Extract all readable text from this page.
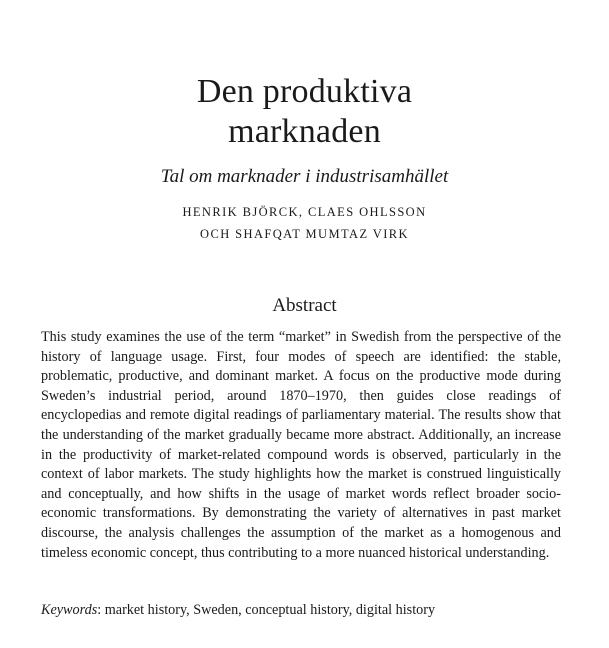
Den produktiva
marknaden

Tal om marknader i industrisamhället

HENRIK BJÖRCK, CLAES OHLSSON
OCH SHAFQAT MUMTAZ VIRK

Abstract

This study examines the use of the term “market” in Swedish from the perspective of the history of language usage. First, four modes of speech are identified: the stable, problematic, productive, and dominant market. A focus on the productive mode during Sweden’s industrial period, around 1870–1970, then guides close readings of encyclopedias and remote digital readings of parliamentary material. The results show that the understanding of the market gradually became more abstract. Additionally, an increase in the productivity of market-related compound words is observed, particularly in the context of labor markets. The study highlights how the market is construed linguistically and conceptually, and how shifts in the usage of market words reflect broader socio-economic transformations. By demonstrating the variety of alternatives in past market discourse, the analysis challenges the assumption of the market as a homogenous and timeless economic concept, thus contributing to a more nuanced historical understanding.

Keywords: market history, Sweden, conceptual history, digital history
